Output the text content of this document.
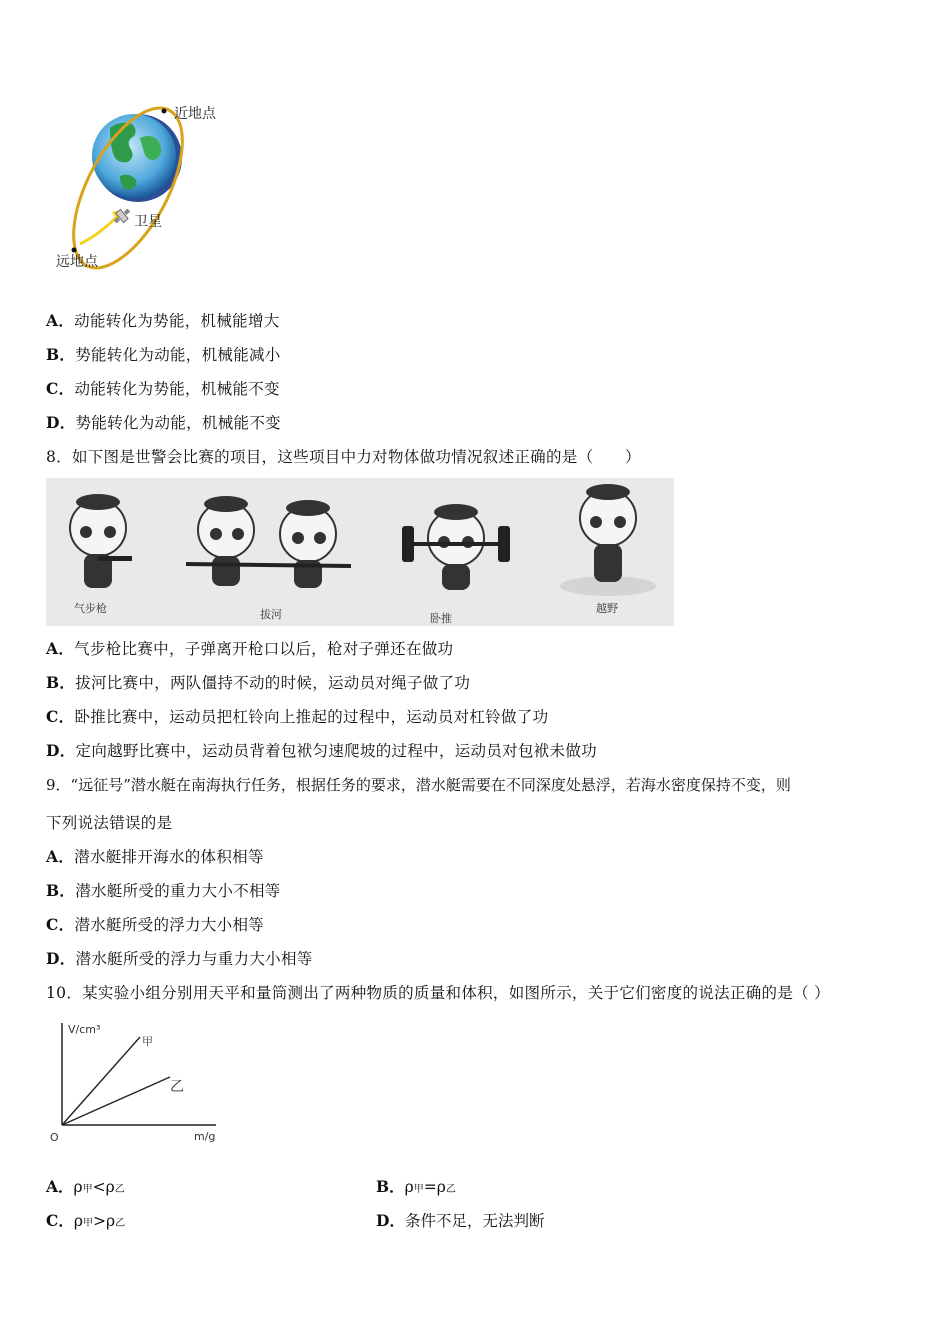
近地点
卫星
远地点
A．动能转化为势能，机械能增大
B．势能转化为动能，机械能减小
C．动能转化为势能，机械能不变
D．势能转化为动能，机械能不变
8．如下图是世警会比赛的项目，这些项目中力对物体做功情况叙述正确的是（　　）
气步枪	拔河	卧推
越野
A．气步枪比赛中，子弹离开枪口以后，枪对子弹还在做功
B．拔河比赛中，两队僵持不动的时候，运动员对绳子做了功
C．卧推比赛中，运动员把杠铃向上推起的过程中，运动员对杠铃做了功
D．定向越野比赛中，运动员背着包袱匀速爬坡的过程中，运动员对包袱未做功
9．“远征号”潜水艇在南海执行任务，根据任务的要求，潜水艇需要在不同深度处悬浮，若海水密度保持不变，则
下列说法错误的是
A．潜水艇排开海水的体积相等
B．潜水艇所受的重力大小不相等
C．潜水艇所受的浮力大小相等
D．潜水艇所受的浮力与重力大小相等
10．某实验小组分别用天平和量筒测出了两种物质的质量和体积，如图所示，关于它们密度的说法正确的是（ ）
V/cm³
m/g
O
甲
乙
A．ρ甲<ρ乙	B．ρ甲=ρ乙
C．ρ甲>ρ乙	D．条件不足，无法判断
